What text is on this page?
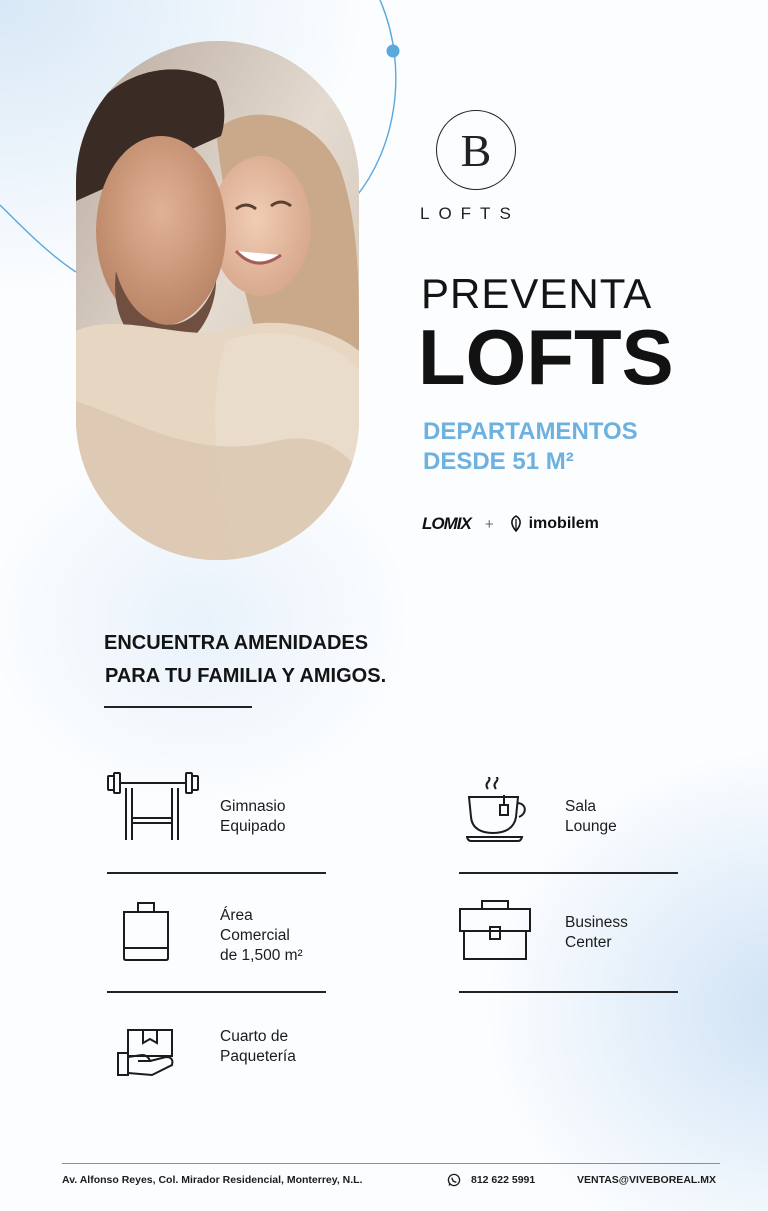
B
LOFTS
PREVENTA
LOFTS
DEPARTAMENTOS
DESDE 51 M²
LOMIX + imobilem
ENCUENTRA AMENIDADES
PARA TU FAMILIA Y AMIGOS.
Gimnasio
Equipado
Sala
Lounge
Área
Comercial
de 1,500 m²
Business
Center
Cuarto de
Paquetería
Av. Alfonso Reyes, Col. Mirador Residencial, Monterrey, N.L.	812 622 5991	VENTAS@VIVEBOREAL.MX
